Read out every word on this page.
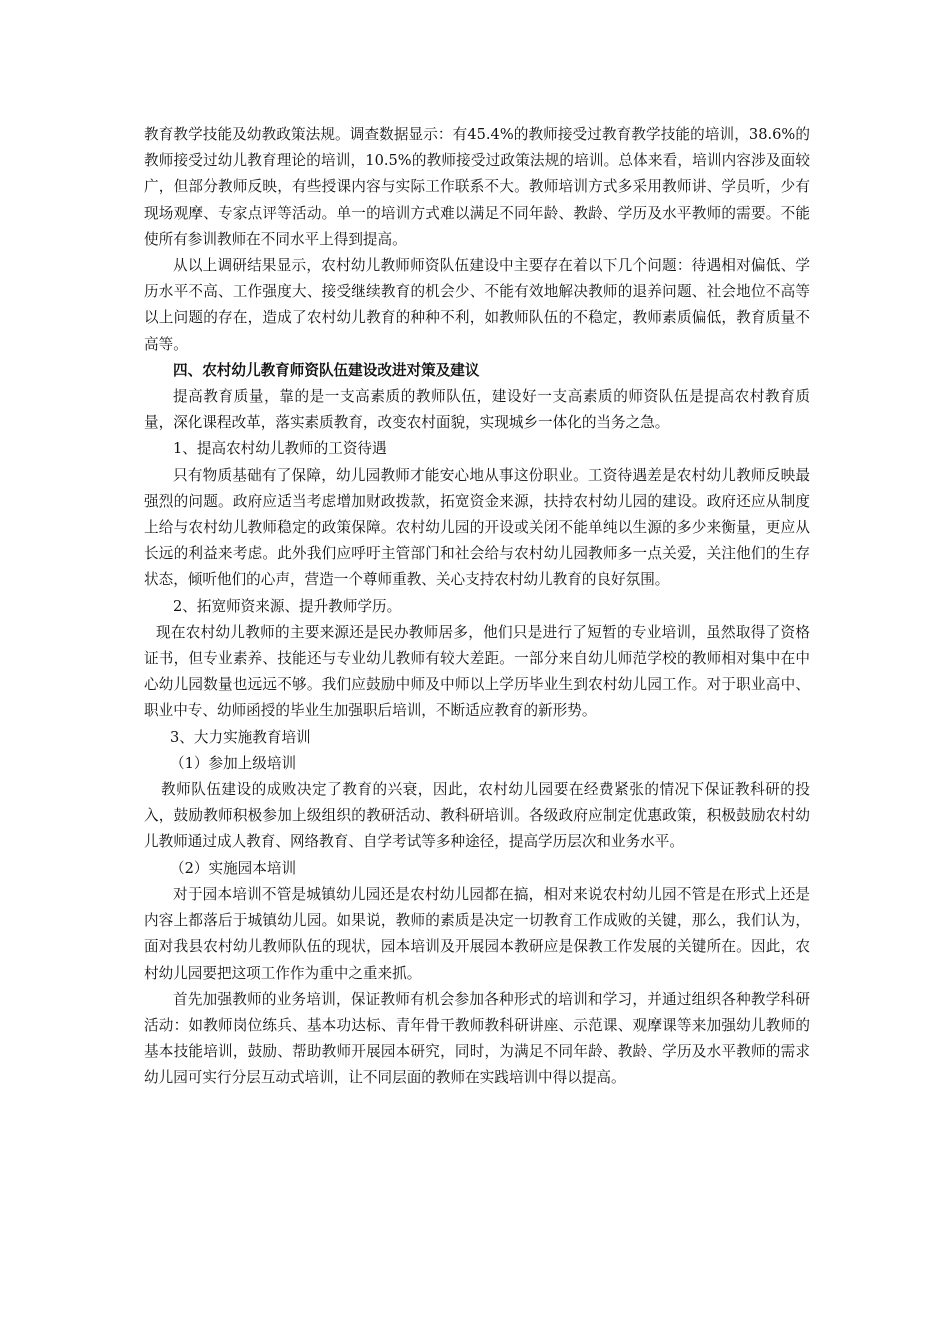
教育教学技能及幼教政策法规。调查数据显示：有45.4%的教师接受过教育教学技能的培训，38.6%的教师接受过幼儿教育理论的培训，10.5%的教师接受过政策法规的培训。总体来看，培训内容涉及面较广，但部分教师反映，有些授课内容与实际工作联系不大。教师培训方式多采用教师讲、学员听，少有现场观摩、专家点评等活动。单一的培训方式难以满足不同年龄、教龄、学历及水平教师的需要。不能使所有参训教师在不同水平上得到提高。

从以上调研结果显示，农村幼儿教师师资队伍建设中主要存在着以下几个问题：待遇相对偏低、学历水平不高、工作强度大、接受继续教育的机会少、不能有效地解决教师的退养问题、社会地位不高等以上问题的存在，造成了农村幼儿教育的种种不利，如教师队伍的不稳定，教师素质偏低，教育质量不高等。

四、农村幼儿教育师资队伍建设改进对策及建议

提高教育质量，靠的是一支高素质的教师队伍，建设好一支高素质的师资队伍是提高农村教育质量，深化课程改革，落实素质教育，改变农村面貌，实现城乡一体化的当务之急。

1、提高农村幼儿教师的工资待遇

只有物质基础有了保障，幼儿园教师才能安心地从事这份职业。工资待遇差是农村幼儿教师反映最强烈的问题。政府应适当考虑增加财政拨款，拓宽资金来源，扶持农村幼儿园的建设。政府还应从制度上给与农村幼儿教师稳定的政策保障。农村幼儿园的开设或关闭不能单纯以生源的多少来衡量，更应从长远的利益来考虑。此外我们应呼吁主管部门和社会给与农村幼儿园教师多一点关爱，关注他们的生存状态，倾听他们的心声，营造一个尊师重教、关心支持农村幼儿教育的良好氛围。

2、拓宽师资来源、提升教师学历。

现在农村幼儿教师的主要来源还是民办教师居多，他们只是进行了短暂的专业培训，虽然取得了资格证书，但专业素养、技能还与专业幼儿教师有较大差距。一部分来自幼儿师范学校的教师相对集中在中心幼儿园数量也远远不够。我们应鼓励中师及中师以上学历毕业生到农村幼儿园工作。对于职业高中、职业中专、幼师函授的毕业生加强职后培训，不断适应教育的新形势。

3、大力实施教育培训

（1）参加上级培训

教师队伍建设的成败决定了教育的兴衰，因此，农村幼儿园要在经费紧张的情况下保证教科研的投入，鼓励教师积极参加上级组织的教研活动、教科研培训。各级政府应制定优惠政策，积极鼓励农村幼儿教师通过成人教育、网络教育、自学考试等多种途径，提高学历层次和业务水平。

（2）实施园本培训

对于园本培训不管是城镇幼儿园还是农村幼儿园都在搞，相对来说农村幼儿园不管是在形式上还是内容上都落后于城镇幼儿园。如果说，教师的素质是决定一切教育工作成败的关键，那么，我们认为，面对我县农村幼儿教师队伍的现状，园本培训及开展园本教研应是保教工作发展的关键所在。因此，农村幼儿园要把这项工作作为重中之重来抓。

首先加强教师的业务培训，保证教师有机会参加各种形式的培训和学习，并通过组织各种教学科研活动：如教师岗位练兵、基本功达标、青年骨干教师教科研讲座、示范课、观摩课等来加强幼儿教师的基本技能培训，鼓励、帮助教师开展园本研究，同时，为满足不同年龄、教龄、学历及水平教师的需求幼儿园可实行分层互动式培训，让不同层面的教师在实践培训中得以提高。
